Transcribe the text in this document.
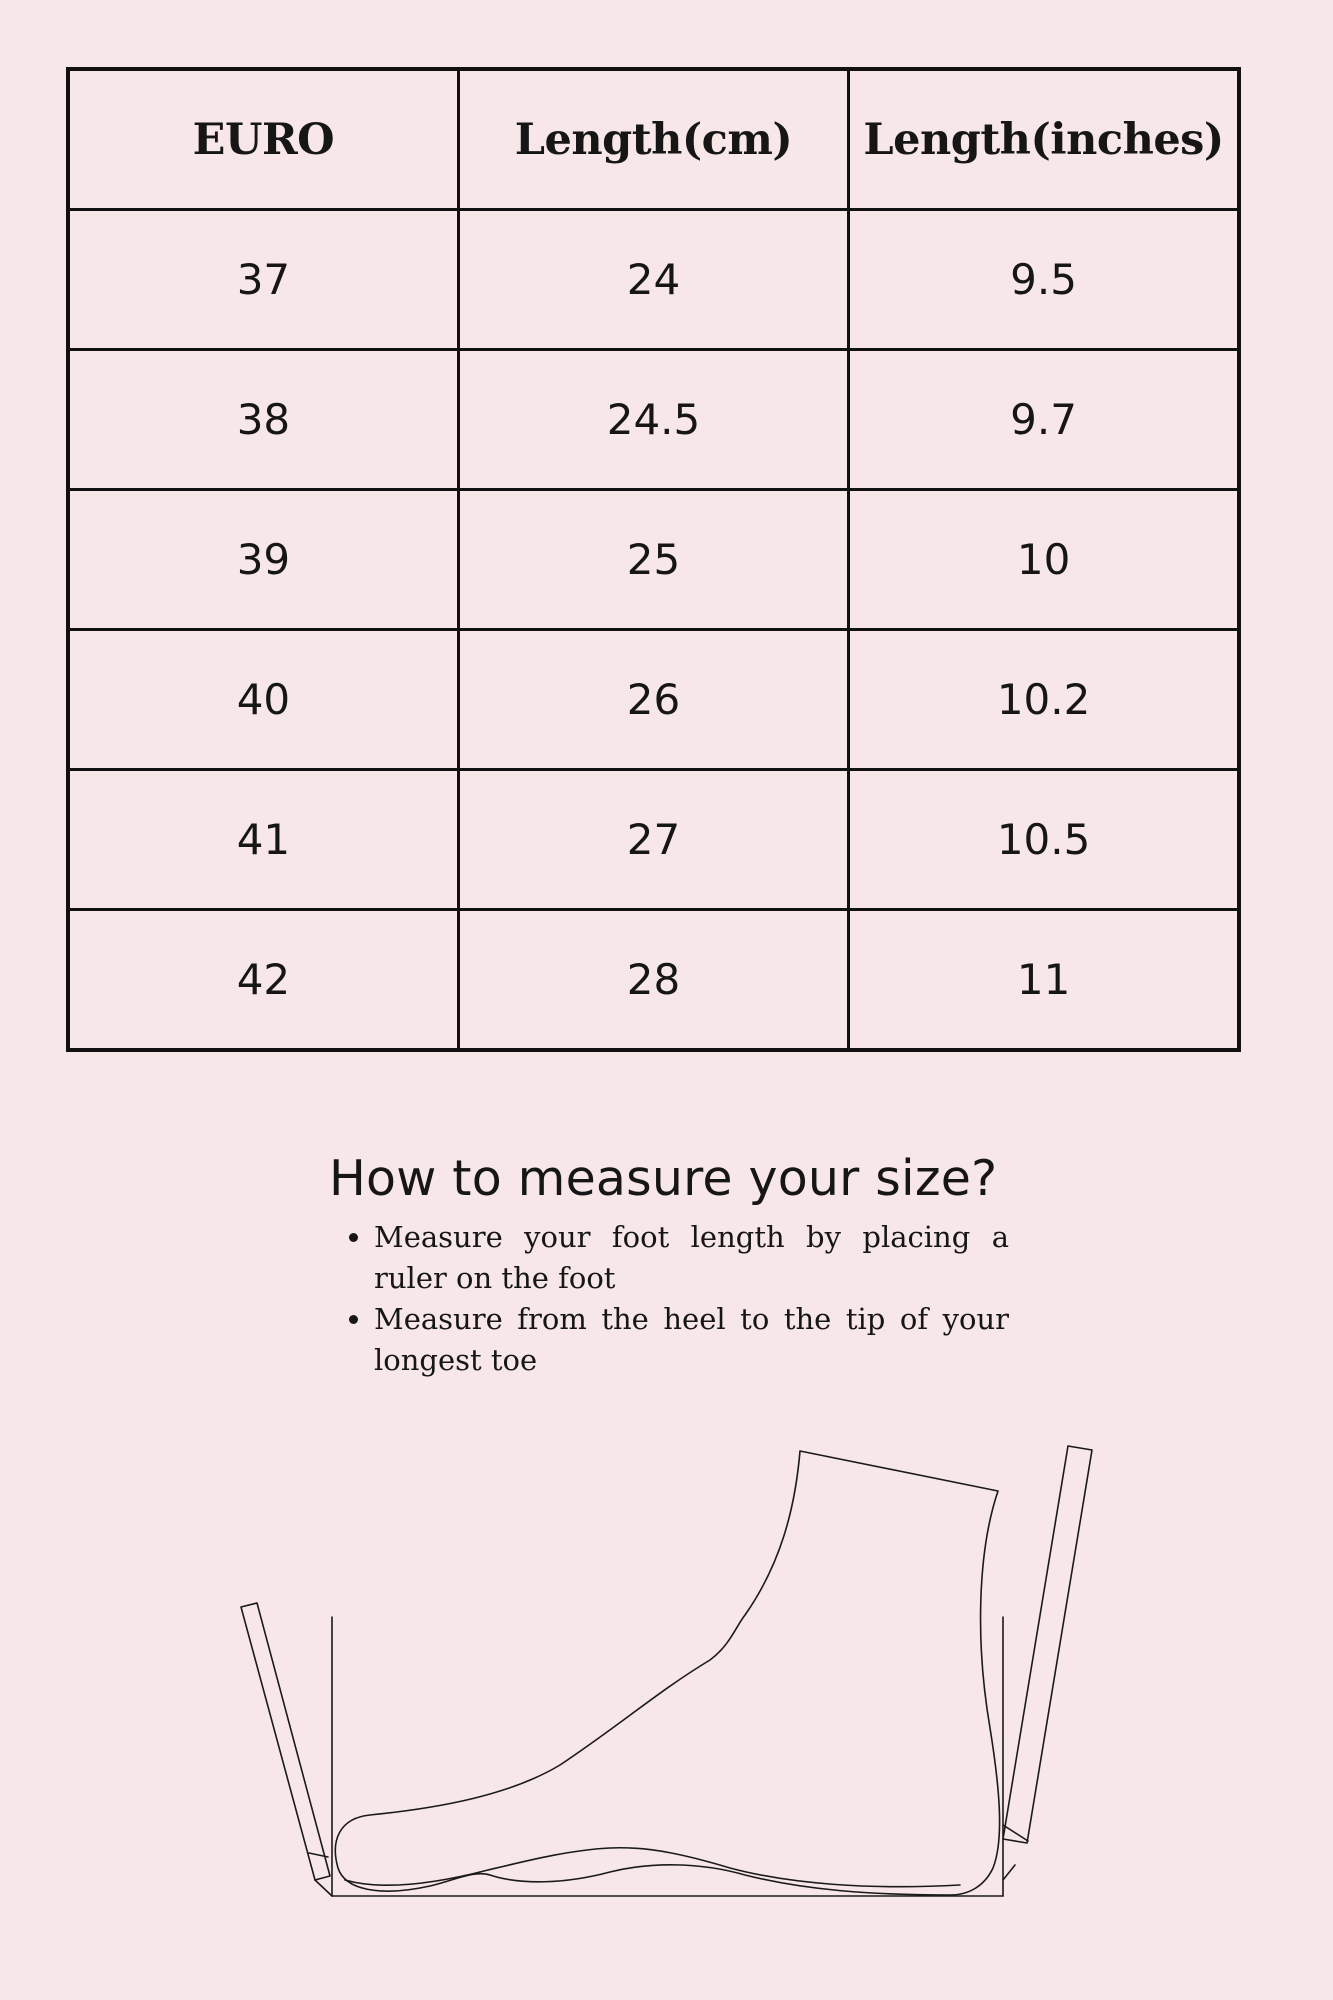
EURO	Length(cm)	Length(inches)
37	24	9.5
38	24.5	9.7
39	25	10
40	26	10.2
41	27	10.5
42	28	11
How to measure your size?
• Measure your foot length by placing a ruler on the foot
• Measure from the heel to the tip of your longest toe
